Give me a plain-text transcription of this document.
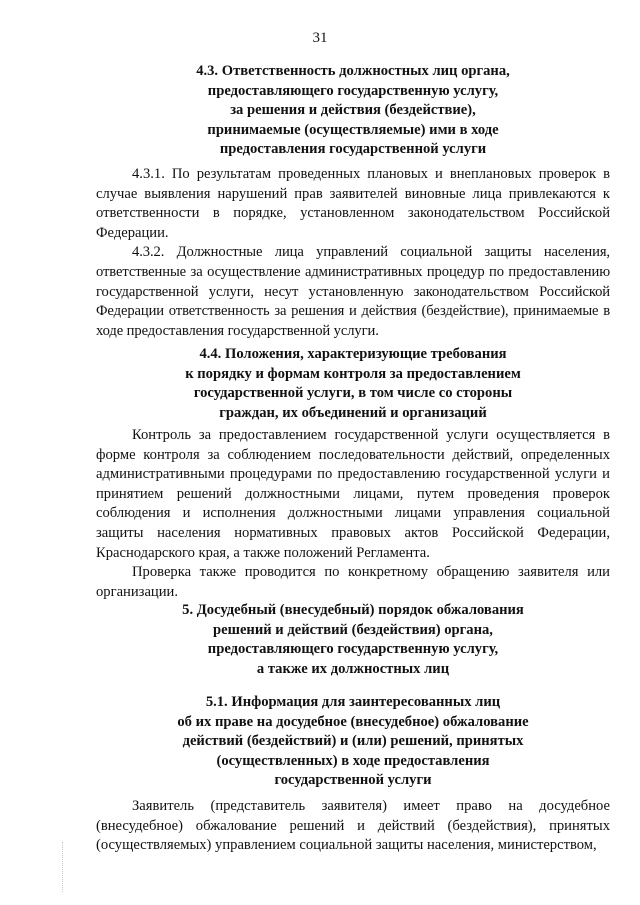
31
4.3. Ответственность должностных лиц органа,
предоставляющего государственную услугу,
за решения и действия (бездействие),
принимаемые (осуществляемые) ими в ходе
предоставления государственной услуги

4.3.1. По результатам проведенных плановых и внеплановых проверок в случае выявления нарушений прав заявителей виновные лица привлекаются к ответственности в порядке, установленном законодательством Российской Федерации.

4.3.2. Должностные лица управлений социальной защиты населения, ответственные за осуществление административных процедур по предоставлению государственной услуги, несут установленную законодательством Российской Федерации ответственность за решения и действия (бездействие), принимаемые в ходе предоставления государственной услуги.

4.4. Положения, характеризующие требования
к порядку и формам контроля за предоставлением
государственной услуги, в том числе со стороны
граждан, их объединений и организаций

Контроль за предоставлением государственной услуги осуществляется в форме контроля за соблюдением последовательности действий, определенных административными процедурами по предоставлению государственной услуги и принятием решений должностными лицами, путем проведения проверок соблюдения и исполнения должностными лицами управления социальной защиты населения нормативных правовых актов Российской Федерации, Краснодарского края, а также положений Регламента.

Проверка также проводится по конкретному обращению заявителя или организации.

5. Досудебный (внесудебный) порядок обжалования
решений и действий (бездействия) органа,
предоставляющего государственную услугу,
а также их должностных лиц
5.1. Информация для заинтересованных лиц
об их праве на досудебное (внесудебное) обжалование
действий (бездействий) и (или) решений, принятых
(осуществленных) в ходе предоставления
государственной услуги

Заявитель (представитель заявителя) имеет право на досудебное (внесудебное) обжалование решений и действий (бездействия), принятых (осуществляемых) управлением социальной защиты населения, министерством,
